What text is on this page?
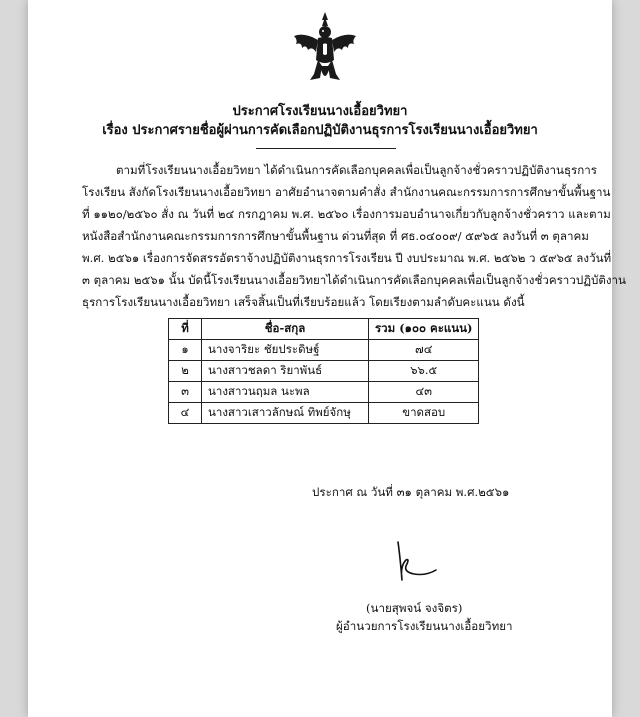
ประกาศโรงเรียนนางเอื้อยวิทยา
เรื่อง ประกาศรายชื่อผู้ผ่านการคัดเลือกปฏิบัติงานธุรการโรงเรียนนางเอื้อยวิทยา
ตามที่โรงเรียนนางเอื้อยวิทยา ได้ดำเนินการคัดเลือกบุคคลเพื่อเป็นลูกจ้างชั่วคราวปฏิบัติงานธุรการ
โรงเรียน สังกัดโรงเรียนนางเอื้อยวิทยา อาศัยอำนาจตามคำสั่ง สำนักงานคณะกรรมการการศึกษาขั้นพื้นฐาน
ที่ ๑๑๒๐/๒๕๖๐ สั่ง ณ วันที่ ๒๔ กรกฎาคม พ.ศ. ๒๕๖๐ เรื่องการมอบอำนาจเกี่ยวกับลูกจ้างชั่วคราว และตาม
หนังสือสำนักงานคณะกรรมการการศึกษาขั้นพื้นฐาน ด่วนที่สุด ที่ ศธ.๐๔๐๐๙/ ๕๙๖๕ ลงวันที่ ๓ ตุลาคม
พ.ศ. ๒๕๖๑ เรื่องการจัดสรรอัตราจ้างปฏิบัติงานธุรการโรงเรียน ปี งบประมาณ พ.ศ. ๒๕๖๒ ว ๕๙๖๕ ลงวันที่
๓ ตุลาคม ๒๕๖๑ นั้น บัดนี้โรงเรียนนางเอื้อยวิทยาได้ดำเนินการคัดเลือกบุคคลเพื่อเป็นลูกจ้างชั่วคราวปฏิบัติงาน
ธุรการโรงเรียนนางเอื้อยวิทยา เสร็จสิ้นเป็นที่เรียบร้อยแล้ว โดยเรียงตามลำดับคะแนน ดังนี้
ที่	ชื่อ-สกุล	รวม (๑๐๐ คะแนน)
๑	นางจาริยะ ชัยประดิษฐ์	๗๔
๒	นางสาวชลดา ริยาพันธ์	๖๖.๕
๓	นางสาวนฤมล นะพล	๔๓
๔	นางสาวเสาวลักษณ์ ทิพย์จักษุ	ขาดสอบ
ประกาศ ณ วันที่ ๓๑ ตุลาคม พ.ศ.๒๕๖๑
(นายสุพจน์ จงจิตร)
ผู้อำนวยการโรงเรียนนางเอื้อยวิทยา
